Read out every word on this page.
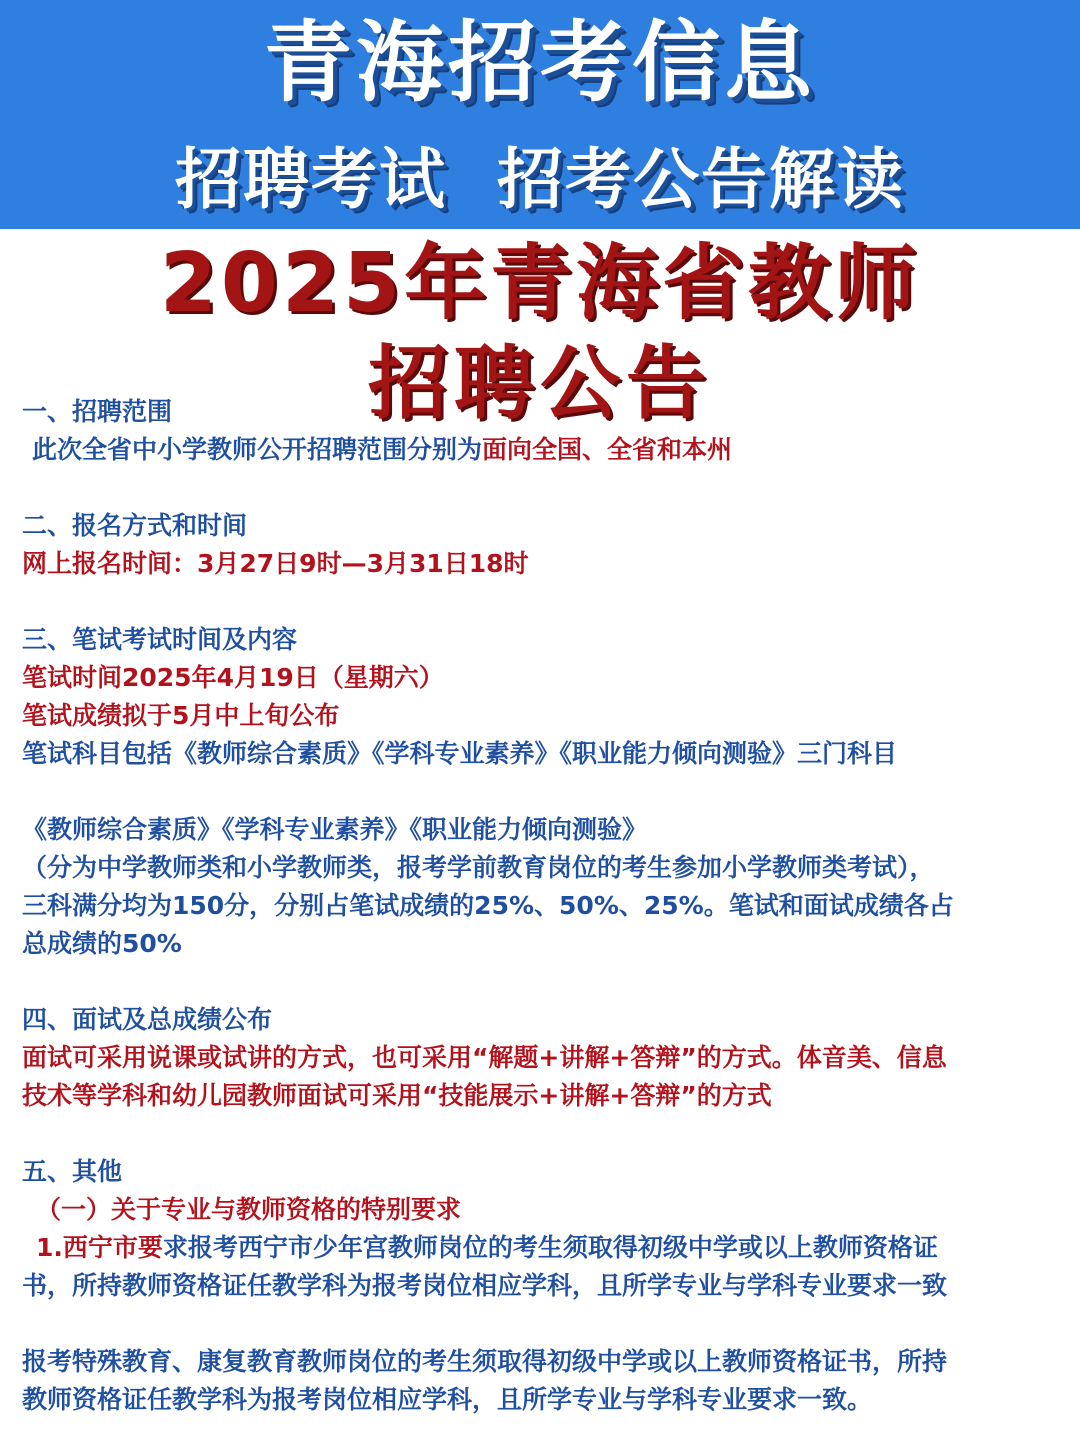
青海招考信息
招聘考试  招考公告解读
2025年青海省教师
招聘公告

一、招聘范围

此次全省中小学教师公开招聘范围分别为面向全国、全省和本州

二、报名方式和时间

网上报名时间：3月27日9时—3月31日18时

三、笔试考试时间及内容

笔试时间2025年4月19日（星期六）

笔试成绩拟于5月中上旬公布

笔试科目包括《教师综合素质》《学科专业素养》《职业能力倾向测验》三门科目

《教师综合素质》《学科专业素养》《职业能力倾向测验》

（分为中学教师类和小学教师类，报考学前教育岗位的考生参加小学教师类考试），

三科满分均为150分，分别占笔试成绩的25%、50%、25%。笔试和面试成绩各占

总成绩的50%

四、面试及总成绩公布

面试可采用说课或试讲的方式，也可采用“解题+讲解+答辩”的方式。体音美、信息

技术等学科和幼儿园教师面试可采用“技能展示+讲解+答辩”的方式

五、其他

（一）关于专业与教师资格的特别要求

1.西宁市要求报考西宁市少年宫教师岗位的考生须取得初级中学或以上教师资格证

书，所持教师资格证任教学科为报考岗位相应学科，且所学专业与学科专业要求一致

报考特殊教育、康复教育教师岗位的考生须取得初级中学或以上教师资格证书，所持

教师资格证任教学科为报考岗位相应学科，且所学专业与学科专业要求一致。
